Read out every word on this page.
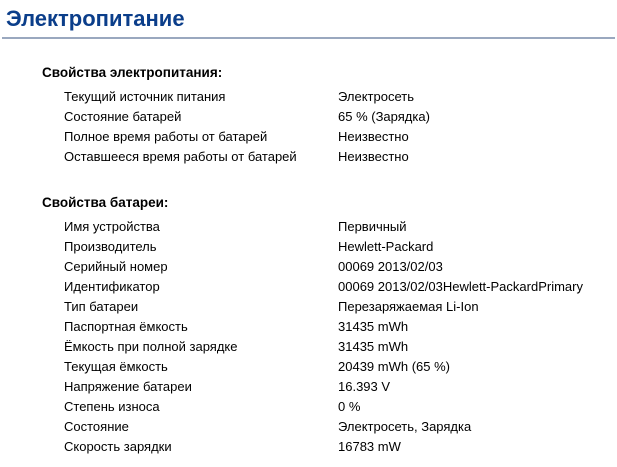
Электропитание
Свойства электропитания:
Текущий источник питания	Электросеть
Состояние батарей	65 % (Зарядка)
Полное время работы от батарей	Неизвестно
Оставшееся время работы от батарей	Неизвестно
Свойства батареи:
Имя устройства	Первичный
Производитель	Hewlett-Packard
Серийный номер	00069 2013/02/03
Идентификатор	00069 2013/02/03Hewlett-PackardPrimary
Тип батареи	Перезаряжаемая Li-Ion
Паспортная ёмкость	31435 mWh
Ёмкость при полной зарядке	31435 mWh
Текущая ёмкость	20439 mWh (65 %)
Напряжение батареи	16.393 V
Степень износа	0 %
Состояние	Электросеть, Зарядка
Скорость зарядки	16783 mW
